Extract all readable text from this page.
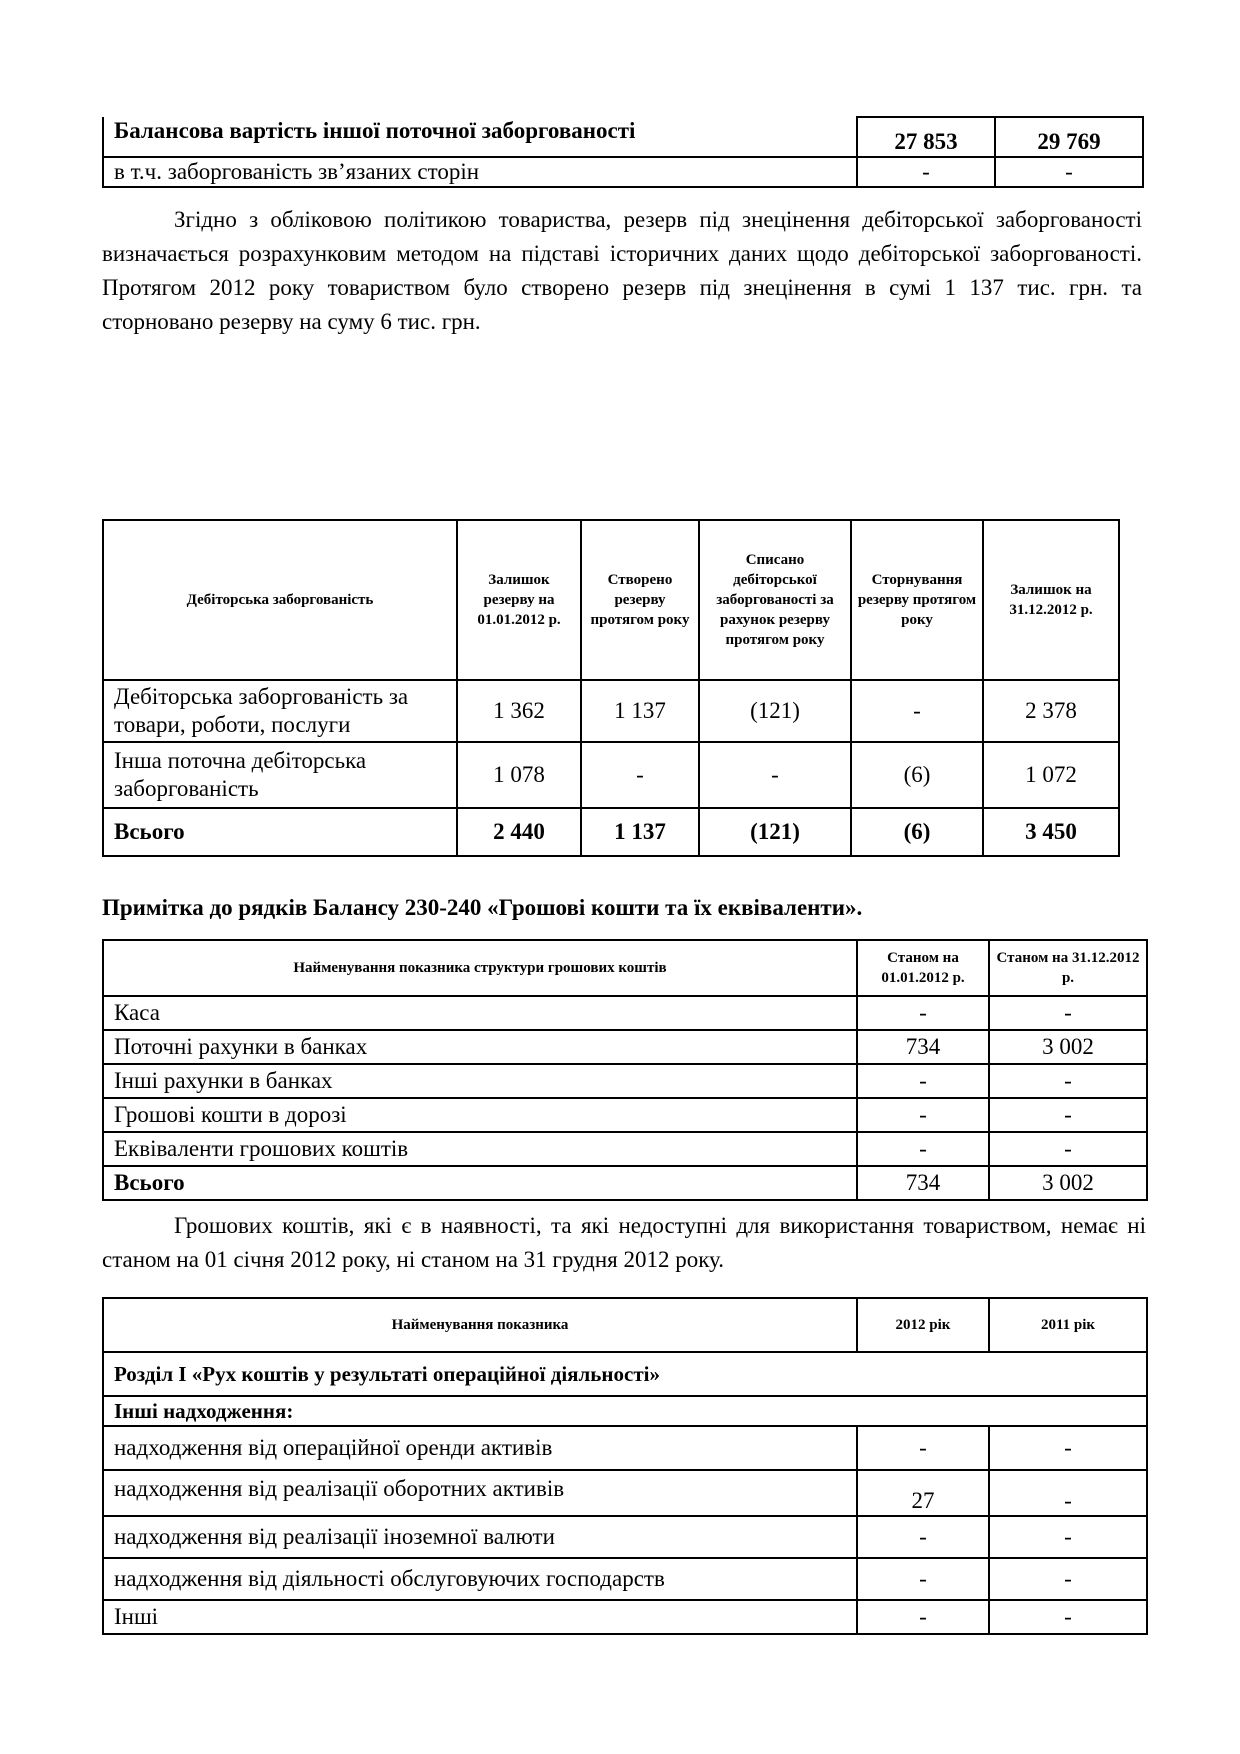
Балансова вартість іншої поточної заборгованості	27 853	29 769
в т.ч. заборгованість зв’язаних сторін	-	-
Згідно з обліковою політикою товариства, резерв під знецінення дебіторської заборгованості визначається розрахунковим методом на підставі історичних даних щодо дебіторської заборгованості. Протягом 2012 року товариством було створено резерв під знецінення в сумі 1 137 тис. грн. та сторновано резерву на суму 6 тис. грн.
Дебіторська заборгованість	Залишок резерву на 01.01.2012 р.	Створено резерву протягом року	Списано дебіторської заборгованості за рахунок резерву протягом року	Сторнування резерву протягом року	Залишок на 31.12.2012 р.
Дебіторська заборгованість за товари, роботи, послуги	1 362	1 137	(121)	-	2 378
Інша поточна дебіторська заборгованість	1 078	-	-	(6)	1 072
Всього	2 440	1 137	(121)	(6)	3 450
Примітка до рядків Балансу 230-240 «Грошові кошти та їх еквіваленти».
Найменування показника структури грошових коштів	Станом на 01.01.2012 р.	Станом на 31.12.2012 р.
Каса	-	-
Поточні рахунки в банках	734	3 002
Інші рахунки в банках	-	-
Грошові кошти в дорозі	-	-
Еквіваленти грошових коштів	-	-
Всього	734	3 002
Грошових коштів, які є в наявності, та які недоступні для використання товариством, немає ні станом на 01 січня 2012 року, ні станом на 31 грудня 2012 року.
Найменування показника	2012 рік	2011 рік
Розділ І «Рух коштів у результаті операційної діяльності»		
Інші надходження:		
надходження від операційної оренди активів	-	-
надходження від реалізації оборотних активів	27	-
надходження від реалізації іноземної валюти	-	-
надходження від діяльності обслуговуючих господарств	-	-
Інші	-	-
